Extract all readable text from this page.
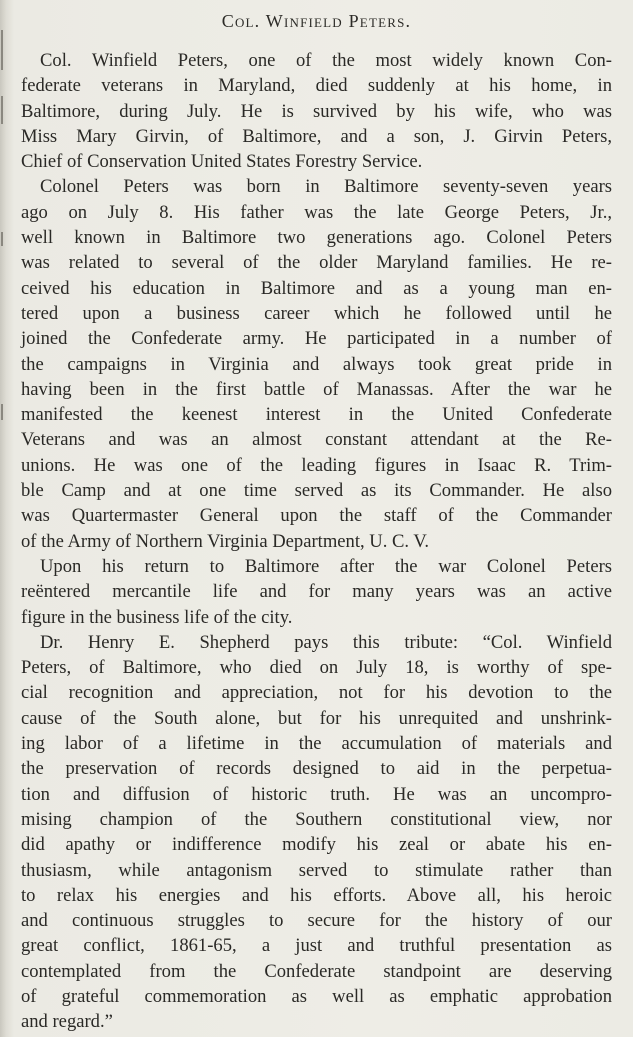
Col. Winfield Peters.
Col. Winfield Peters, one of the most widely known Con-
federate veterans in Maryland, died suddenly at his home, in
Baltimore, during July. He is survived by his wife, who was
Miss Mary Girvin, of Baltimore, and a son, J. Girvin Peters,
Chief of Conservation United States Forestry Service.
Colonel Peters was born in Baltimore seventy-seven years
ago on July 8. His father was the late George Peters, Jr.,
well known in Baltimore two generations ago. Colonel Peters
was related to several of the older Maryland families. He re-
ceived his education in Baltimore and as a young man en-
tered upon a business career which he followed until he
joined the Confederate army. He participated in a number of
the campaigns in Virginia and always took great pride in
having been in the first battle of Manassas. After the war he
manifested the keenest interest in the United Confederate
Veterans and was an almost constant attendant at the Re-
unions. He was one of the leading figures in Isaac R. Trim-
ble Camp and at one time served as its Commander. He also
was Quartermaster General upon the staff of the Commander
of the Army of Northern Virginia Department, U. C. V.
Upon his return to Baltimore after the war Colonel Peters
reëntered mercantile life and for many years was an active
figure in the business life of the city.
Dr. Henry E. Shepherd pays this tribute: “Col. Winfield
Peters, of Baltimore, who died on July 18, is worthy of spe-
cial recognition and appreciation, not for his devotion to the
cause of the South alone, but for his unrequited and unshrink-
ing labor of a lifetime in the accumulation of materials and
the preservation of records designed to aid in the perpetua-
tion and diffusion of historic truth. He was an uncompro-
mising champion of the Southern constitutional view, nor
did apathy or indifference modify his zeal or abate his en-
thusiasm, while antagonism served to stimulate rather than
to relax his energies and his efforts. Above all, his heroic
and continuous struggles to secure for the history of our
great conflict, 1861-65, a just and truthful presentation as
contemplated from the Confederate standpoint are deserving
of grateful commemoration as well as emphatic approbation
and regard.”
